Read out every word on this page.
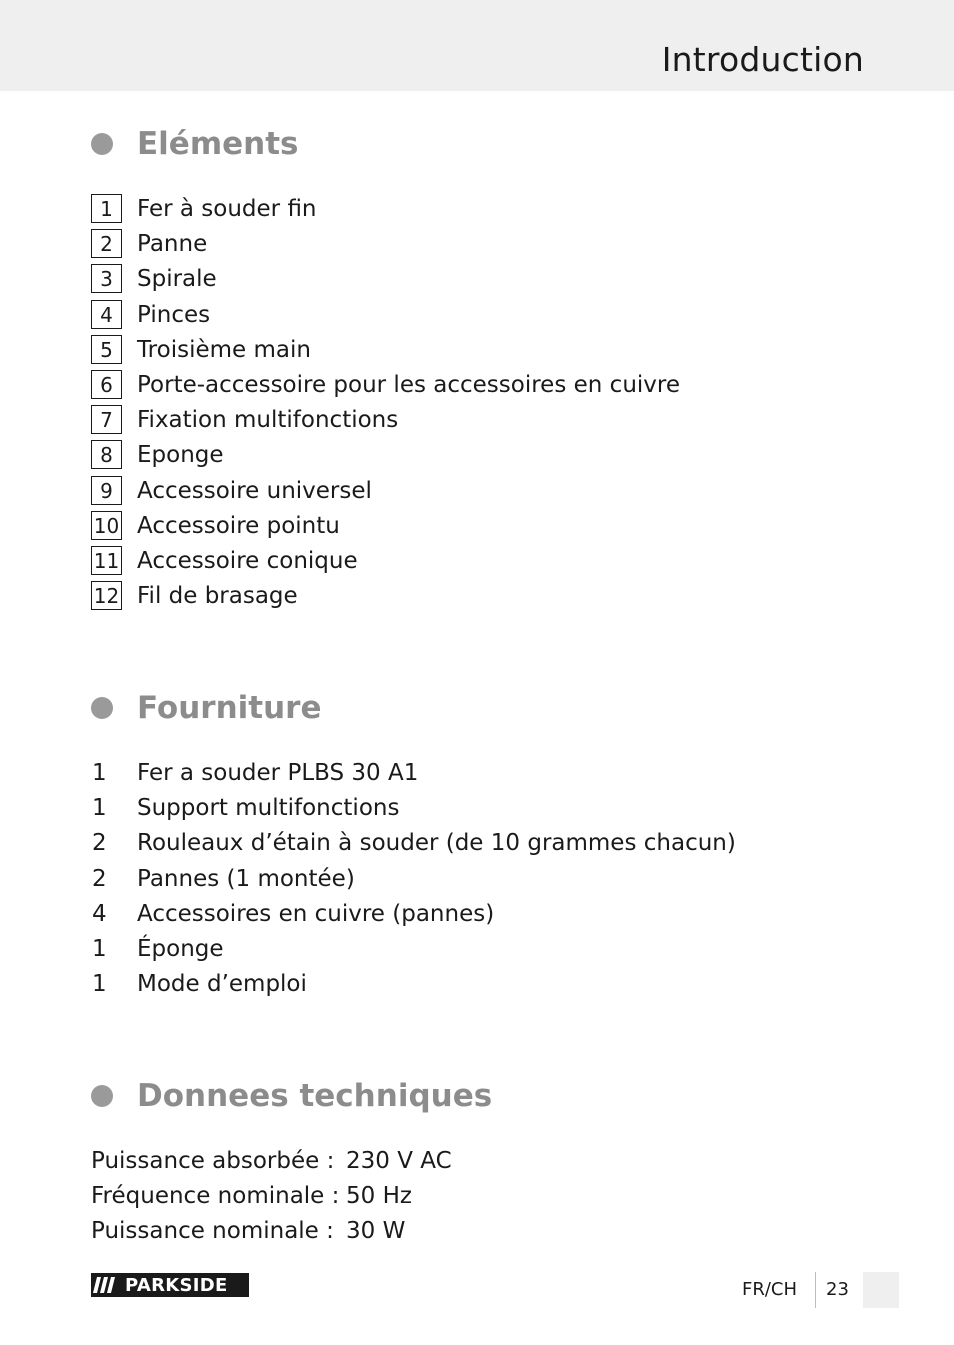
Introduction
Eléments
1	Fer à souder fin
2	Panne
3	Spirale
4	Pinces
5	Troisième main
6	Porte-accessoire pour les accessoires en cuivre
7	Fixation multifonctions
8	Eponge
9	Accessoire universel
10 Accessoire pointu
11 Accessoire conique
12 Fil de brasage
Fourniture
1 Fer a souder PLBS 30 A1
1 Support multifonctions
2 Rouleaux d’étain à souder (de 10 grammes chacun)
2 Pannes (1 montée)
4 Accessoires en cuivre (pannes)
1 Éponge
1 Mode d’emploi
Donnees techniques
Puissance absorbée : 230 V AC
Fréquence nominale : 50 Hz
Puissance nominale : 30 W
PARKSIDE	FR/CH 23
